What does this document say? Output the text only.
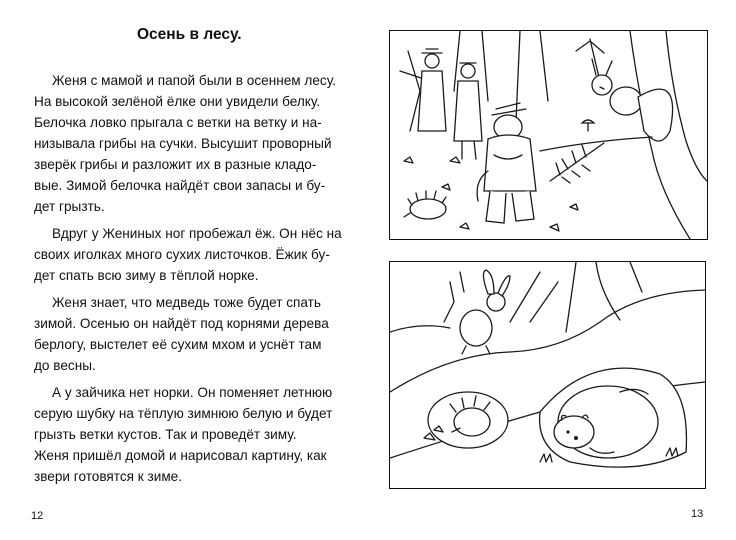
Осень в лесу.

Женя с мамой и папой были в осеннем лесу.
На высокой зелёной ёлке они увидели белку.
Белочка ловко прыгала с ветки на ветку и на-
низывала грибы на сучки. Высушит проворный
зверёк грибы и разложит их в разные кладо-
вые. Зимой белочка найдёт свои запасы и бу-
дет грызть.

Вдруг у Жениных ног пробежал ёж. Он нёс на
своих иголках много сухих листочков. Ёжик бу-
дет спать всю зиму в тёплой норке.

Женя знает, что медведь тоже будет спать
зимой. Осенью он найдёт под корнями дерева
берлогу, выстелет её сухим мхом и уснёт там
до весны.

А у зайчика нет норки. Он поменяет летнюю
серую шубку на тёплую зимнюю белую и будет
грызть ветки кустов. Так и проведёт зиму.

Женя пришёл домой и нарисовал картину, как
звери готовятся к зиме.

12	13
